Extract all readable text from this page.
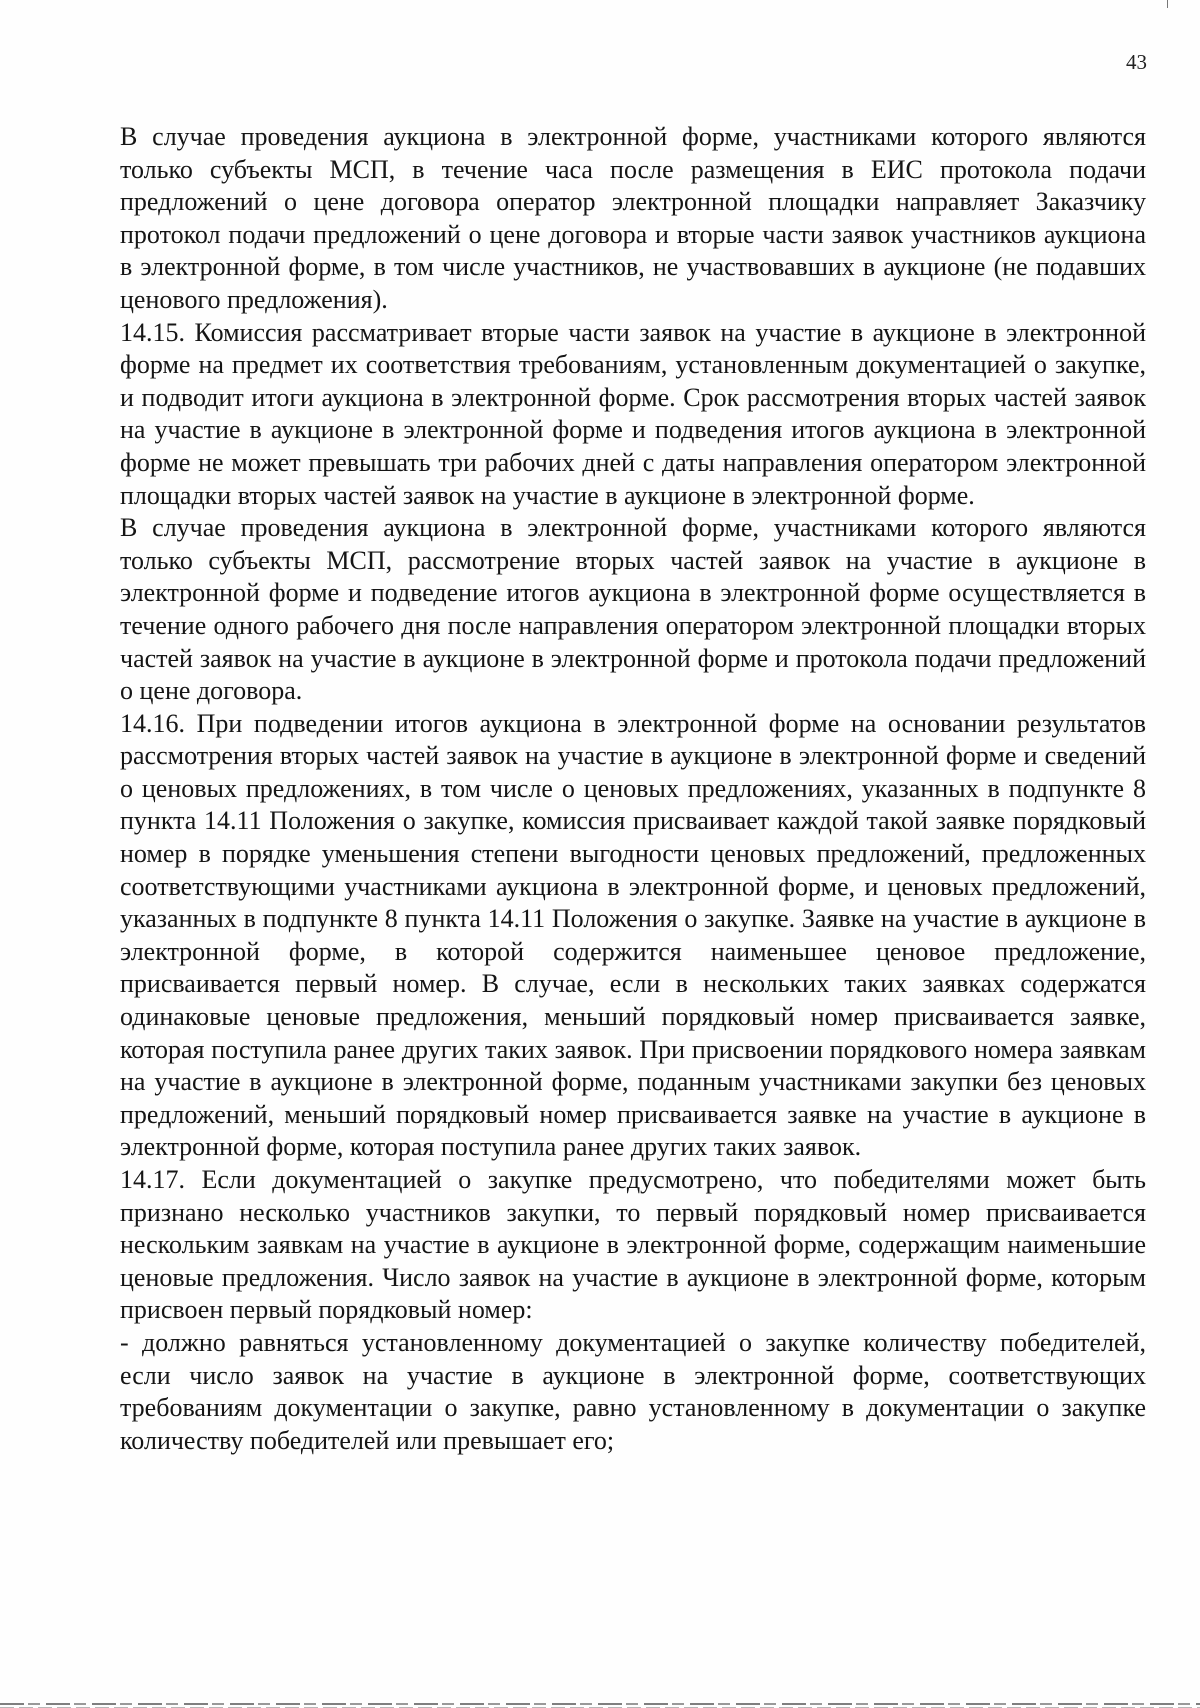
43

В случае проведения аукциона в электронной форме, участниками которого являются только субъекты МСП, в течение часа после размещения в ЕИС протокола подачи предложений о цене договора оператор электронной площадки направляет Заказчику протокол подачи предложений о цене договора и вторые части заявок участников аукциона в электронной форме, в том числе участников, не участвовавших в аукционе (не подавших ценового предложения).

14.15. Комиссия рассматривает вторые части заявок на участие в аукционе в электронной форме на предмет их соответствия требованиям, установленным документацией о закупке, и подводит итоги аукциона в электронной форме. Срок рассмотрения вторых частей заявок на участие в аукционе в электронной форме и подведения итогов аукциона в электронной форме не может превышать три рабочих дней с даты направления оператором электронной площадки вторых частей заявок на участие в аукционе в электронной форме.

В случае проведения аукциона в электронной форме, участниками которого являются только субъекты МСП, рассмотрение вторых частей заявок на участие в аукционе в электронной форме и подведение итогов аукциона в электронной форме осуществляется в течение одного рабочего дня после направления оператором электронной площадки вторых частей заявок на участие в аукционе в электронной форме и протокола подачи предложений о цене договора.

14.16. При подведении итогов аукциона в электронной форме на основании результатов рассмотрения вторых частей заявок на участие в аукционе в электронной форме и сведений о ценовых предложениях, в том числе о ценовых предложениях, указанных в подпункте 8 пункта 14.11 Положения о закупке, комиссия присваивает каждой такой заявке порядковый номер в порядке уменьшения степени выгодности ценовых предложений, предложенных соответствующими участниками аукциона в электронной форме, и ценовых предложений, указанных в подпункте 8 пункта 14.11 Положения о закупке. Заявке на участие в аукционе в электронной форме, в которой содержится наименьшее ценовое предложение, присваивается первый номер. В случае, если в нескольких таких заявках содержатся одинаковые ценовые предложения, меньший порядковый номер присваивается заявке, которая поступила ранее других таких заявок. При присвоении порядкового номера заявкам на участие в аукционе в электронной форме, поданным участниками закупки без ценовых предложений, меньший порядковый номер присваивается заявке на участие в аукционе в электронной форме, которая поступила ранее других таких заявок.

14.17. Если документацией о закупке предусмотрено, что победителями может быть признано несколько участников закупки, то первый порядковый номер присваивается нескольким заявкам на участие в аукционе в электронной форме, содержащим наименьшие ценовые предложения. Число заявок на участие в аукционе в электронной форме, которым присвоен первый порядковый номер:

- должно равняться установленному документацией о закупке количеству победителей, если число заявок на участие в аукционе в электронной форме, соответствующих требованиям документации о закупке, равно установленному в документации о закупке количеству победителей или превышает его;
